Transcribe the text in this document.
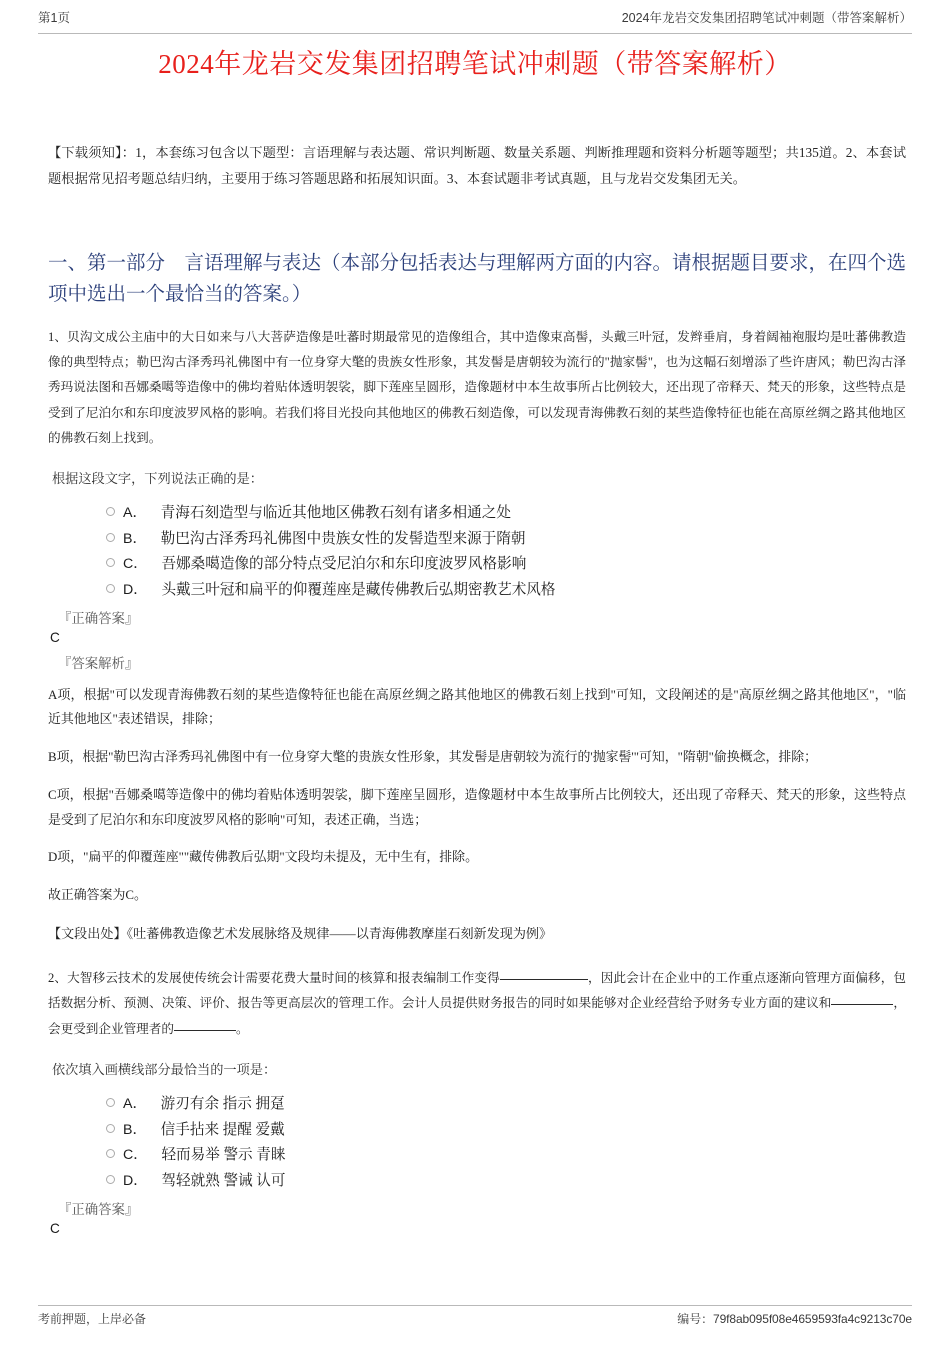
第1页	2024年龙岩交发集团招聘笔试冲刺题（带答案解析）
2024年龙岩交发集团招聘笔试冲刺题（带答案解析）
【下载须知】：1，本套练习包含以下题型：言语理解与表达题、常识判断题、数量关系题、判断推理题和资料分析题等题型；共135道。2、本套试题根据常见招考题总结归纳，主要用于练习答题思路和拓展知识面。3、本套试题非考试真题，且与龙岩交发集团无关。
一、第一部分　言语理解与表达（本部分包括表达与理解两方面的内容。请根据题目要求，在四个选项中选出一个最恰当的答案。）
1、贝沟文成公主庙中的大日如来与八大菩萨造像是吐蕃时期最常见的造像组合，其中造像束高髻，头戴三叶冠，发辫垂肩，身着阔袖袍服均是吐蕃佛教造像的典型特点；勒巴沟古泽秀玛礼佛图中有一位身穿大氅的贵族女性形象，其发髻是唐朝较为流行的"抛家髻"，也为这幅石刻增添了些许唐风；勒巴沟古泽秀玛说法图和吾娜桑噶等造像中的佛均着贴体透明袈裟，脚下莲座呈圆形，造像题材中本生故事所占比例较大，还出现了帝释天、梵天的形象，这些特点是受到了尼泊尔和东印度波罗风格的影响。若我们将目光投向其他地区的佛教石刻造像，可以发现青海佛教石刻的某些造像特征也能在高原丝绸之路其他地区的佛教石刻上找到。
根据这段文字，下列说法正确的是：
A． 青海石刻造型与临近其他地区佛教石刻有诸多相通之处
B． 勒巴沟古泽秀玛礼佛图中贵族女性的发髻造型来源于隋朝
C． 吾娜桑噶造像的部分特点受尼泊尔和东印度波罗风格影响
D． 头戴三叶冠和扁平的仰覆莲座是藏传佛教后弘期密教艺术风格
『正确答案』
C
『答案解析』
A项，根据"可以发现青海佛教石刻的某些造像特征也能在高原丝绸之路其他地区的佛教石刻上找到"可知，文段阐述的是"高原丝绸之路其他地区"，"临近其他地区"表述错误，排除；
B项，根据"勒巴沟古泽秀玛礼佛图中有一位身穿大氅的贵族女性形象，其发髻是唐朝较为流行的'抛家髻'"可知，"隋朝"偷换概念，排除；
C项，根据"吾娜桑噶等造像中的佛均着贴体透明袈裟，脚下莲座呈圆形，造像题材中本生故事所占比例较大，还出现了帝释天、梵天的形象，这些特点是受到了尼泊尔和东印度波罗风格的影响"可知，表述正确，当选；
D项，"扁平的仰覆莲座""藏传佛教后弘期"文段均未提及，无中生有，排除。
故正确答案为C。
【文段出处】《吐蕃佛教造像艺术发展脉络及规律——以青海佛教摩崖石刻新发现为例》
2、大智移云技术的发展使传统会计需要花费大量时间的核算和报表编制工作变得	，因此会计在企业中的工作重点逐渐向管理方面偏移，包括数据分析、预测、决策、评价、报告等更高层次的管理工作。会计人员提供财务报告的同时如果能够对企业经营给予财务专业方面的建议和	，会更受到企业管理者的	。
依次填入画横线部分最恰当的一项是：
A． 游刃有余 指示 拥趸
B． 信手拈来 提醒 爱戴
C． 轻而易举 警示 青睐
D． 驾轻就熟 警诫 认可
『正确答案』
C
考前押题，上岸必备	编号：79f8ab095f08e4659593fa4c9213c70e
